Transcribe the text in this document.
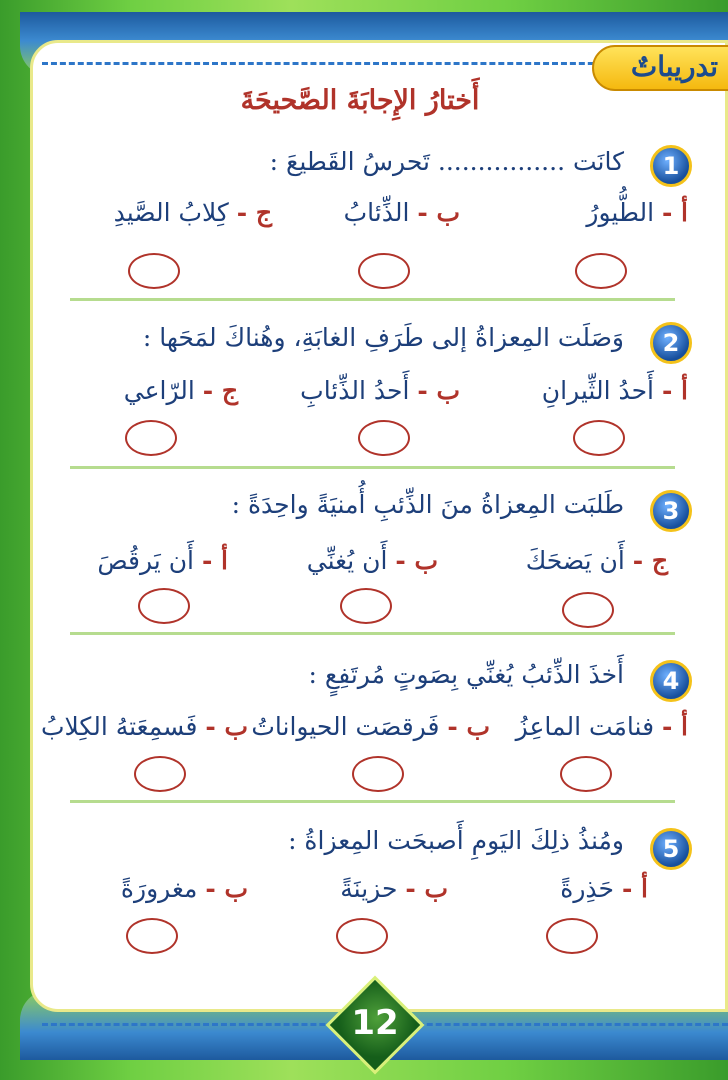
تدريباتٌ
أَختارُ الإِجابَةَ الصَّحيحَةَ
1
كانَت ................ تَحرسُ القَطيعَ :
أ - الطُّيورُ
ب - الذِّئابُ
ج - كِلابُ الصَّيدِ
2
وَصَلَت المِعزاةُ إلى طَرَفِ الغابَةِ، وهُناكَ لمَحَها :
أ - أَحدُ الثِّيرانِ
ب - أَحدُ الذِّئابِ
ج - الرّاعي
3
طَلبَت المِعزاةُ منَ الذِّئبِ أُمنيَةً واحِدَةً :
ج - أَن يَضحَكَ
ب - أَن يُغنِّي
أ - أَن يَرقُصَ
4
أَخذَ الذِّئبُ يُغنِّي بِصَوتٍ مُرتَفِعٍ :
أ - فنامَت الماعِزُ
ب - فَرقصَت الحيواناتُ
ب - فَسمِعَتهُ الكِلابُ
5
ومُنذُ ذلِكَ اليَومِ أَصبحَت المِعزاةُ :
أ - حَذِرةً
ب - حزينَةً
ب - مغرورَةً
12
